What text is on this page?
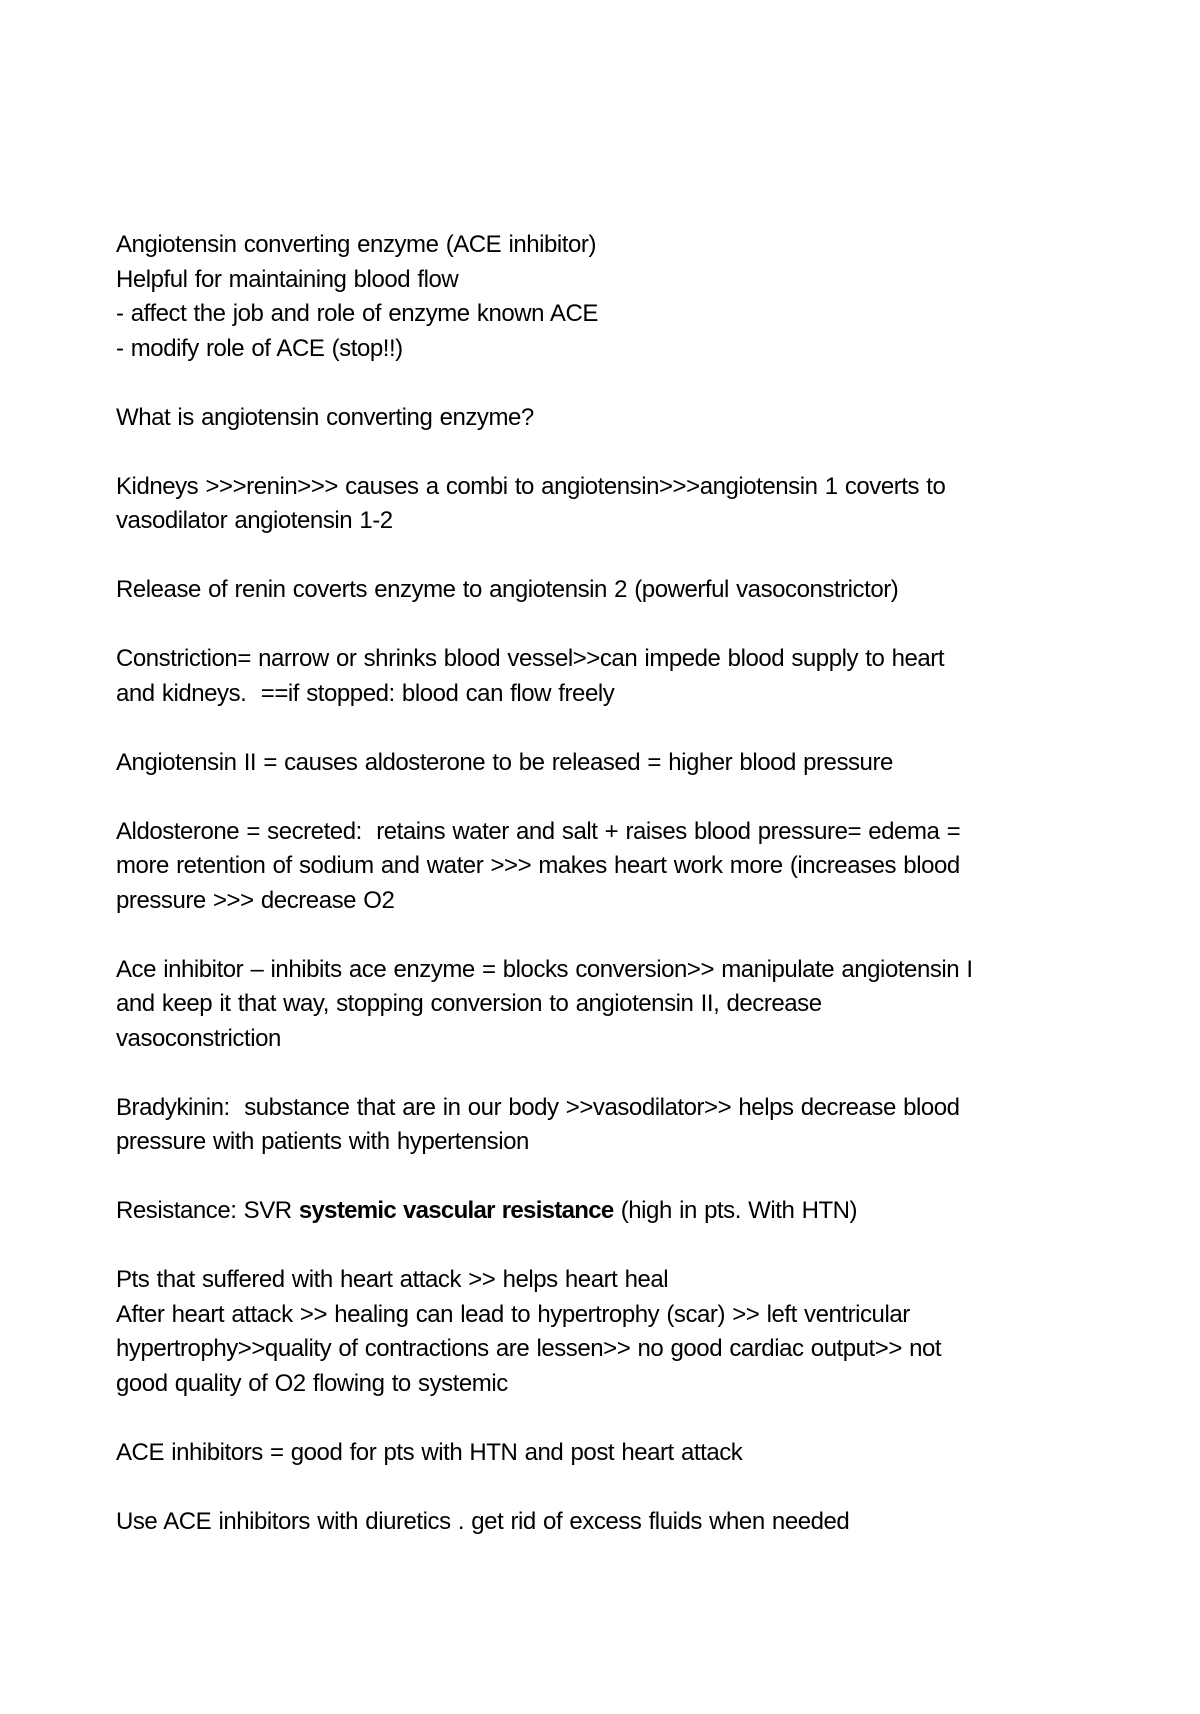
Angiotensin converting enzyme (ACE inhibitor)

Helpful for maintaining blood flow

- affect the job and role of enzyme known ACE

- modify role of ACE (stop!!)

What is angiotensin converting enzyme?

Kidneys >>>renin>>> causes a combi to angiotensin>>>angiotensin 1 coverts to

vasodilator angiotensin 1-2

Release of renin coverts enzyme to angiotensin 2 (powerful vasoconstrictor)

Constriction= narrow or shrinks blood vessel>>can impede blood supply to heart

and kidneys.  ==if stopped: blood can flow freely

Angiotensin II = causes aldosterone to be released = higher blood pressure

Aldosterone = secreted:  retains water and salt + raises blood pressure= edema =

more retention of sodium and water >>> makes heart work more (increases blood

pressure >>> decrease O2

Ace inhibitor – inhibits ace enzyme = blocks conversion>> manipulate angiotensin I

and keep it that way, stopping conversion to angiotensin II, decrease

vasoconstriction

Bradykinin:  substance that are in our body >>vasodilator>> helps decrease blood

pressure with patients with hypertension

Resistance: SVR systemic vascular resistance (high in pts. With HTN)

Pts that suffered with heart attack >> helps heart heal

After heart attack >> healing can lead to hypertrophy (scar) >> left ventricular

hypertrophy>>quality of contractions are lessen>> no good cardiac output>> not

good quality of O2 flowing to systemic

ACE inhibitors = good for pts with HTN and post heart attack

Use ACE inhibitors with diuretics . get rid of excess fluids when needed
